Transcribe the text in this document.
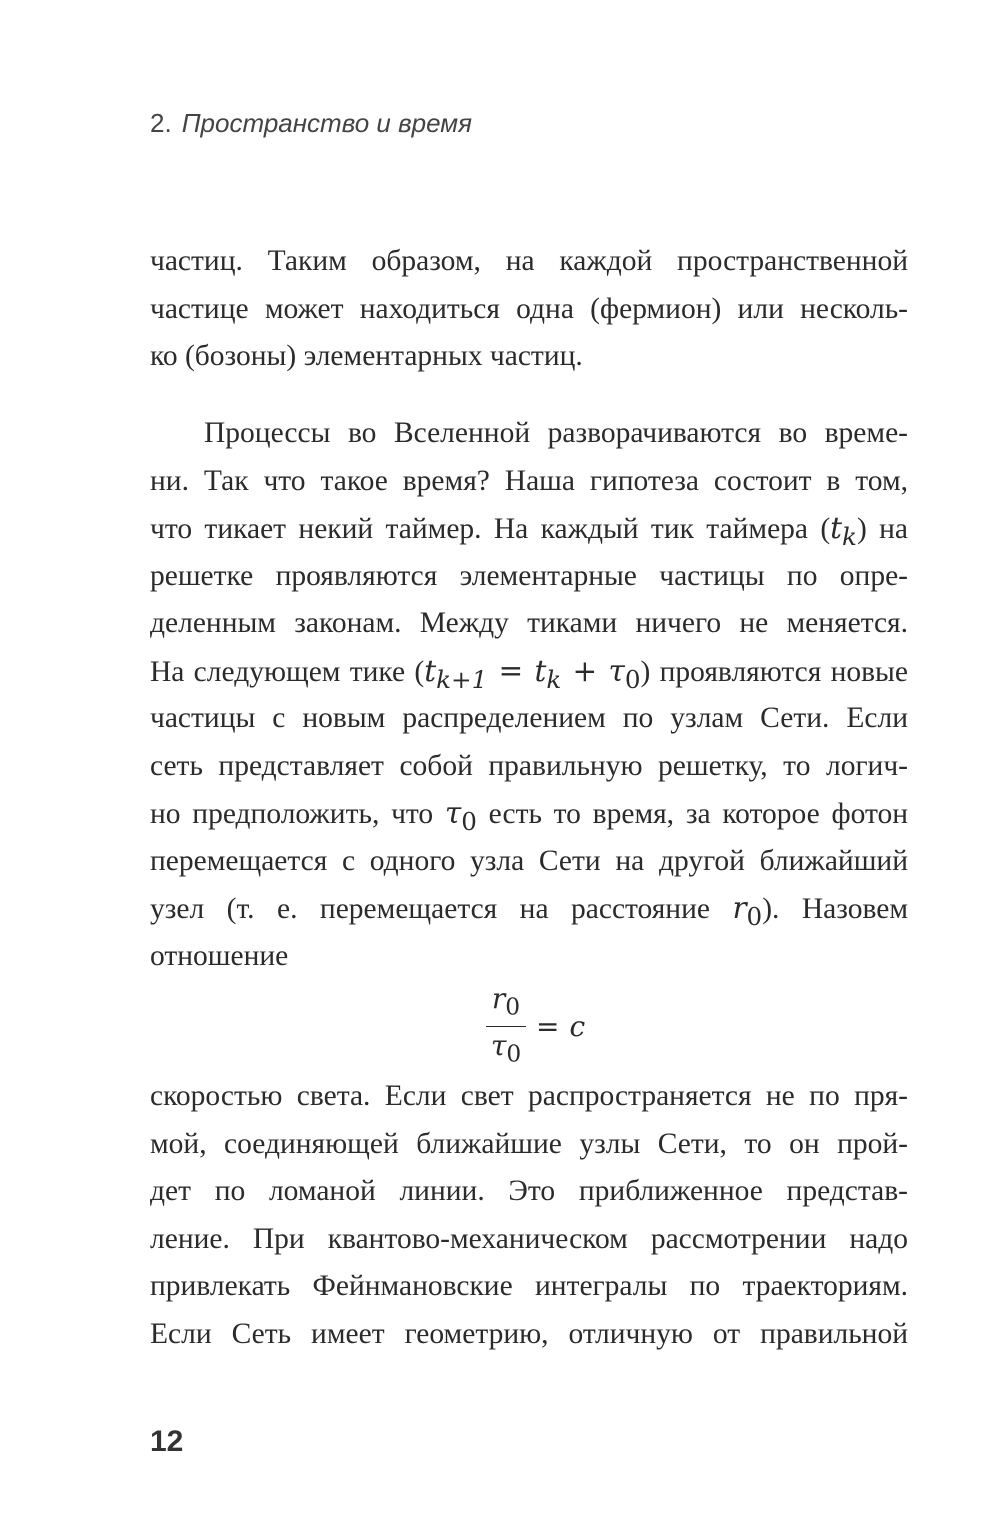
2. Пространство и время
частиц. Таким образом, на каждой пространственной
частице может находиться одна (фермион) или несколь-
ко (бозоны) элементарных частиц.
Процессы во Вселенной разворачиваются во време-
ни. Так что такое время? Наша гипотеза состоит в том,
что тикает некий таймер. На каждый тик таймера $(t_k)$ на
решетке проявляются элементарные частицы по опре-
деленным законам. Между тиками ничего не меняется.
На следующем тике $(t_{k+1} = t_k + \tau_0)$ проявляются новые
частицы с новым распределением по узлам Сети. Если
сеть представляет собой правильную решетку, то логич-
но предположить, что $\tau_0$ есть то время, за которое фотон
перемещается с одного узла Сети на другой ближайший
узел (т. е. перемещается на расстояние $r_0$). Назовем
отношение
$\frac{r_0}{\tau_0} = c$
скоростью света. Если свет распространяется не по пря-
мой, соединяющей ближайшие узлы Сети, то он прой-
дет по ломаной линии. Это приближенное представ-
ление. При квантово-механическом рассмотрении надо
привлекать Фейнмановские интегралы по траекториям.
Если Сеть имеет геометрию, отличную от правильной
12
